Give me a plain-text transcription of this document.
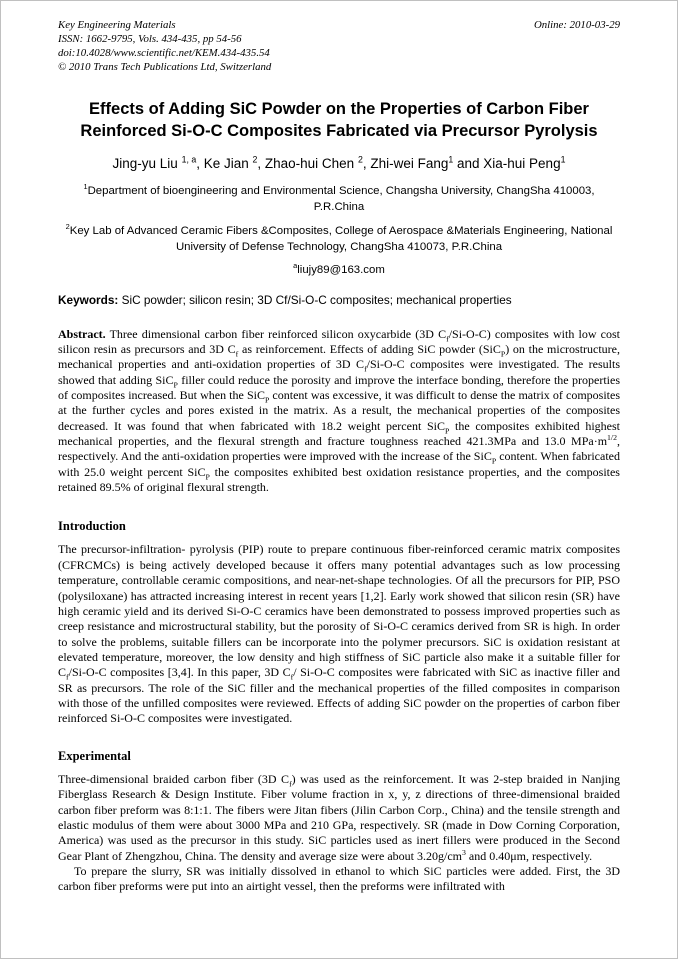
Key Engineering Materials
ISSN: 1662-9795, Vols. 434-435, pp 54-56
doi:10.4028/www.scientific.net/KEM.434-435.54
© 2010 Trans Tech Publications Ltd, Switzerland
Online: 2010-03-29
Effects of Adding SiC Powder on the Properties of Carbon Fiber Reinforced Si-O-C Composites Fabricated via Precursor Pyrolysis
Jing-yu Liu $^{1, a}$, Ke Jian $^2$, Zhao-hui Chen $^2$, Zhi-wei Fang$^1$ and Xia-hui Peng$^1$
$^1$Department of bioengineering and Environmental Science, Changsha University, ChangSha 410003, P.R.China
$^2$Key Lab of Advanced Ceramic Fibers &Composites, College of Aerospace &Materials Engineering, National University of Defense Technology, ChangSha 410073, P.R.China
$^a$liujy89@163.com
Keywords: SiC powder; silicon resin; 3D Cf/Si-O-C composites; mechanical properties

Abstract. Three dimensional carbon fiber reinforced silicon oxycarbide (3D $C_f/Si-O-C$) composites with low cost silicon resin as precursors and 3D $C_f$ as reinforcement. Effects of adding SiC powder (SiC$_P$) on the microstructure, mechanical properties and anti-oxidation properties of 3D $C_f/Si-O-C$ composites were investigated. The results showed that adding SiC$_P$ filler could reduce the porosity and improve the interface bonding, therefore the properties of composites increased. But when the SiC$_P$ content was excessive, it was difficult to dense the matrix of composites at the further cycles and pores existed in the matrix. As a result, the mechanical properties of the composites decreased. It was found that when fabricated with 18.2 weight percent SiC$_P$ the composites exhibited highest mechanical properties, and the flexural strength and fracture toughness reached 421.3MPa and 13.0 $MPa\cdot m^{1/2}$, respectively. And the anti-oxidation properties were improved with the increase of the SiC$_P$ content. When fabricated with 25.0 weight percent SiC$_P$ the composites exhibited best oxidation resistance properties, and the composites retained 89.5% of original flexural strength.

Introduction

The precursor-infiltration- pyrolysis (PIP) route to prepare continuous fiber-reinforced ceramic matrix composites (CFRCMCs) is being actively developed because it offers many potential advantages such as low processing temperature, controllable ceramic compositions, and near-net-shape technologies. Of all the precursors for PIP, PSO (polysiloxane) has attracted increasing interest in recent years [1,2]. Early work showed that silicon resin (SR) have high ceramic yield and its derived Si-O-C ceramics have been demonstrated to possess improved properties such as creep resistance and microstructural stability, but the porosity of Si-O-C ceramics derived from SR is high. In order to solve the problems, suitable fillers can be incorporate into the polymer precursors. SiC is oxidation resistant at elevated temperature, moreover, the low density and high stiffness of SiC particle also make it a suitable filler for $C_f/Si-O-C$ composites [3,4]. In this paper, 3D $C_f/$ Si-O-C composites were fabricated with SiC as inactive filler and SR as precursors. The role of the SiC filler and the mechanical properties of the filled composites in comparison with those of the unfilled composites were reviewed. Effects of adding SiC powder on the properties of carbon fiber reinforced Si-O-C composites were investigated.

Experimental

Three-dimensional braided carbon fiber (3D $C_f$) was used as the reinforcement. It was 2-step braided in Nanjing Fiberglass Research & Design Institute. Fiber volume fraction in x, y, z directions of three-dimensional braided carbon fiber preform was 8:1:1. The fibers were Jitan fibers (Jilin Carbon Corp., China) and the tensile strength and elastic modulus of them were about 3000 MPa and 210 GPa, respectively. SR (made in Dow Corning Corporation, America) was used as the precursor in this study. SiC particles used as inert fillers were produced in the Second Gear Plant of Zhengzhou, China. The density and average size were about $3.20g/cm^3$ and 0.40μm, respectively.

To prepare the slurry, SR was initially dissolved in ethanol to which SiC particles were added. First, the 3D carbon fiber preforms were put into an airtight vessel, then the preforms were infiltrated with
